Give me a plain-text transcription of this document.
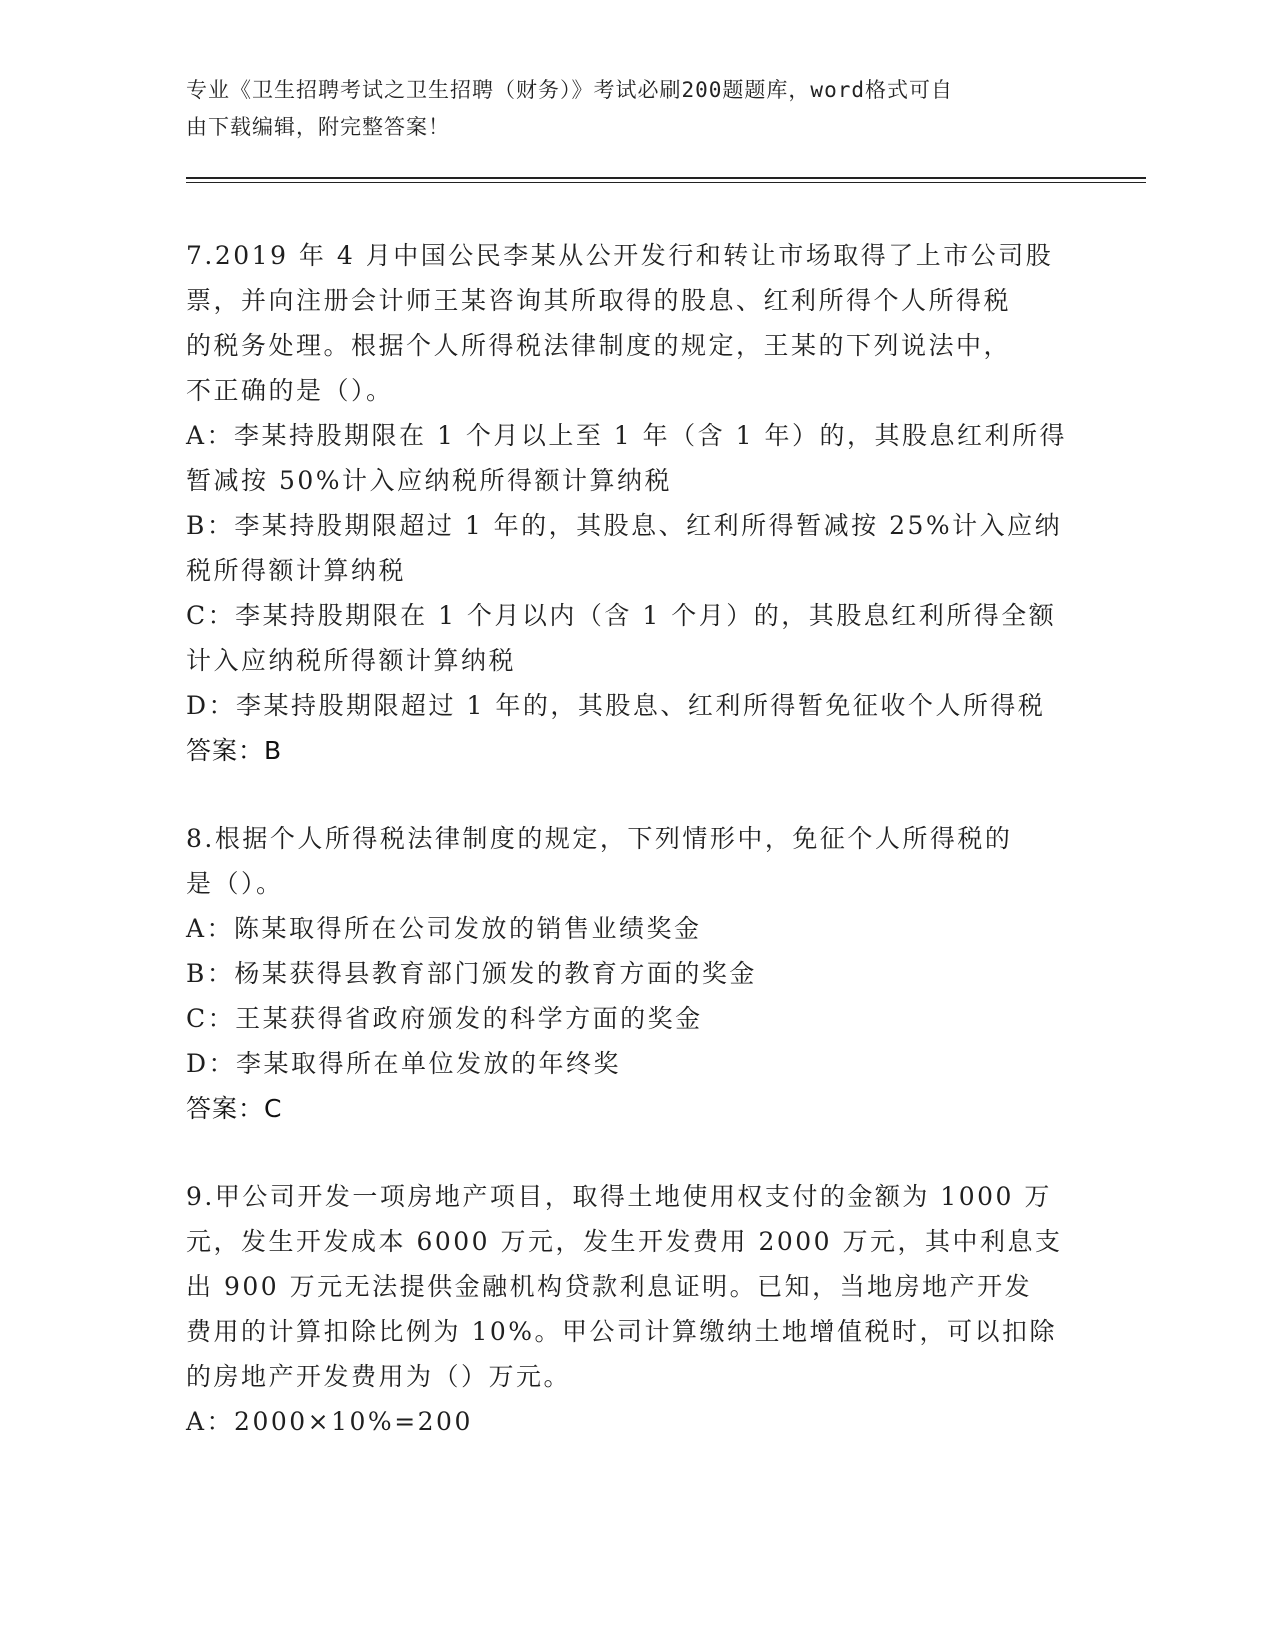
专业《卫生招聘考试之卫生招聘（财务）》考试必刷200题题库，word格式可自
由下载编辑，附完整答案！

7.2019 年 4 月中国公民李某从公开发行和转让市场取得了上市公司股

票，并向注册会计师王某咨询其所取得的股息、红利所得个人所得税

的税务处理。根据个人所得税法律制度的规定，王某的下列说法中，

不正确的是（）。

A：李某持股期限在 1 个月以上至 1 年（含 1 年）的，其股息红利所得

暂减按 50%计入应纳税所得额计算纳税

B：李某持股期限超过 1 年的，其股息、红利所得暂减按 25%计入应纳

税所得额计算纳税

C：李某持股期限在 1 个月以内（含 1 个月）的，其股息红利所得全额

计入应纳税所得额计算纳税

D：李某持股期限超过 1 年的，其股息、红利所得暂免征收个人所得税

答案：B

8.根据个人所得税法律制度的规定，下列情形中，免征个人所得税的

是（）。

A：陈某取得所在公司发放的销售业绩奖金

B：杨某获得县教育部门颁发的教育方面的奖金

C：王某获得省政府颁发的科学方面的奖金

D：李某取得所在单位发放的年终奖

答案：C

9.甲公司开发一项房地产项目，取得土地使用权支付的金额为 1000 万

元，发生开发成本 6000 万元，发生开发费用 2000 万元，其中利息支

出 900 万元无法提供金融机构贷款利息证明。已知，当地房地产开发

费用的计算扣除比例为 10%。甲公司计算缴纳土地增值税时，可以扣除

的房地产开发费用为（）万元。

A：2000×10%=200
